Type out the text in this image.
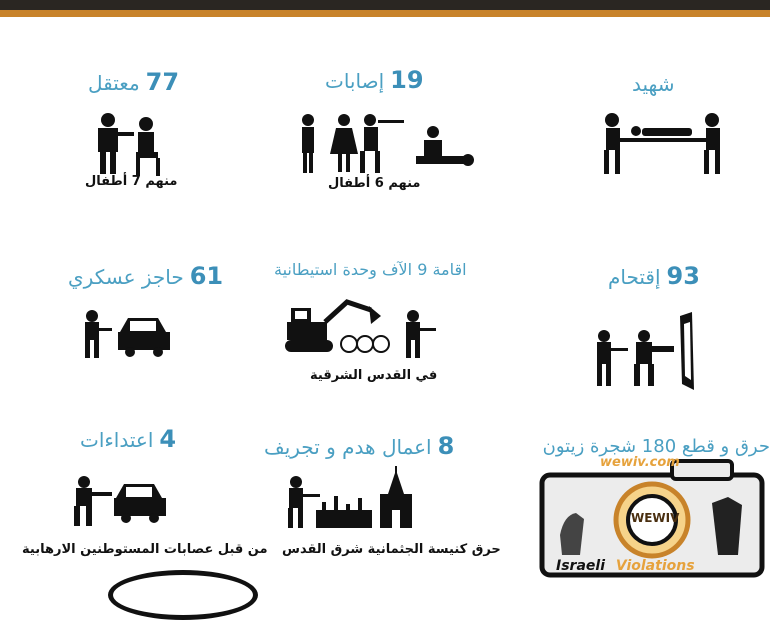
77معتقل
منهم 7 أطفال
19إصابات
منهم 6 أطفال
شهيد
61حاجز عسكري	اقامة 9 الآف وحدة استيطانية
في القدس الشرقية
93إقتحام
4اعتداءات
من قبل عصابات المستوطنين الارهابية
8اعمال هدم و تجريف
حرق كنيسة الجثمانية شرق القدس
حرق و قطع 180 شجرة زيتون
wewiv.com
WEWIV
Israeli Violations
